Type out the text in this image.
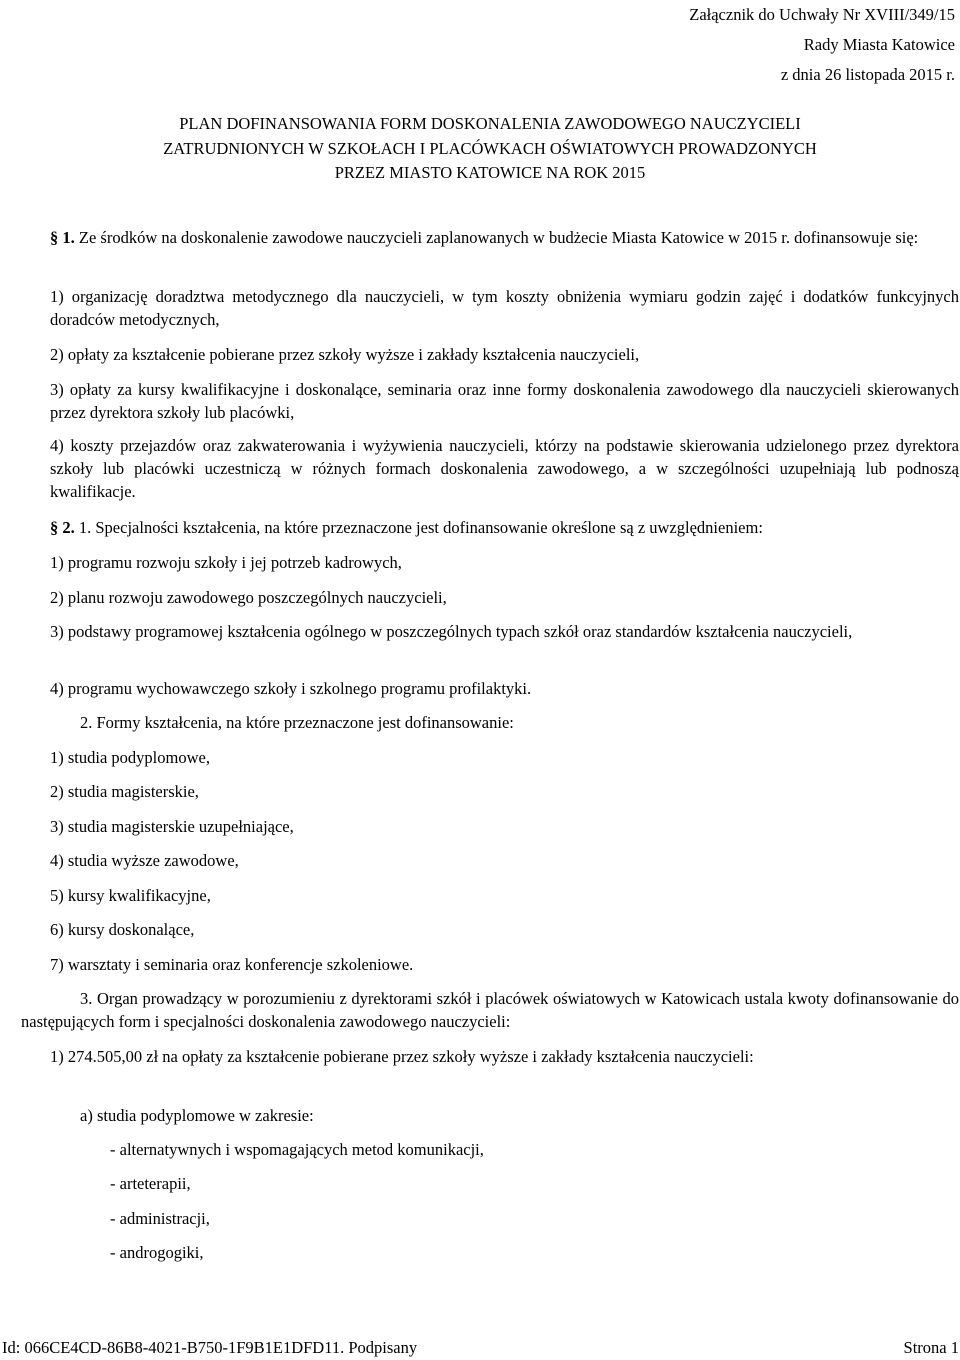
Załącznik do Uchwały Nr XVIII/349/15
Rady Miasta Katowice
z dnia 26 listopada 2015 r.
PLAN DOFINANSOWANIA FORM DOSKONALENIA ZAWODOWEGO NAUCZYCIELI
ZATRUDNIONYCH W SZKOŁACH I PLACÓWKACH OŚWIATOWYCH PROWADZONYCH
PRZEZ MIASTO KATOWICE NA ROK 2015
§ 1. Ze środków na doskonalenie zawodowe nauczycieli zaplanowanych w budżecie Miasta Katowice w 2015 r. dofinansowuje się:
1) organizację doradztwa metodycznego dla nauczycieli, w tym koszty obniżenia wymiaru godzin zajęć i dodatków funkcyjnych doradców metodycznych,
2) opłaty za kształcenie pobierane przez szkoły wyższe i zakłady kształcenia nauczycieli,
3) opłaty za kursy kwalifikacyjne i doskonalące, seminaria oraz inne formy doskonalenia zawodowego dla nauczycieli skierowanych przez dyrektora szkoły lub placówki,
4) koszty przejazdów oraz zakwaterowania i wyżywienia nauczycieli, którzy na podstawie skierowania udzielonego przez dyrektora szkoły lub placówki uczestniczą w różnych formach doskonalenia zawodowego, a w szczególności uzupełniają lub podnoszą kwalifikacje.
§ 2. 1. Specjalności kształcenia, na które przeznaczone jest dofinansowanie określone są z uwzględnieniem:
1) programu rozwoju szkoły i jej potrzeb kadrowych,
2) planu rozwoju zawodowego poszczególnych nauczycieli,
3) podstawy programowej kształcenia ogólnego w poszczególnych typach szkół oraz standardów kształcenia nauczycieli,
4) programu wychowawczego szkoły i szkolnego programu profilaktyki.
2. Formy kształcenia, na które przeznaczone jest dofinansowanie:
1) studia podyplomowe,
2) studia magisterskie,
3) studia magisterskie uzupełniające,
4) studia wyższe zawodowe,
5) kursy kwalifikacyjne,
6) kursy doskonalące,
7) warsztaty i seminaria oraz konferencje szkoleniowe.
3. Organ prowadzący w porozumieniu z dyrektorami szkół i placówek oświatowych w Katowicach ustala kwoty dofinansowanie do następujących form i specjalności doskonalenia zawodowego nauczycieli:
1) 274.505,00 zł na opłaty za kształcenie pobierane przez szkoły wyższe i zakłady kształcenia nauczycieli:
a) studia podyplomowe w zakresie:
- alternatywnych i wspomagających metod komunikacji,
- arteterapii,
- administracji,
- androgogiki,
Id: 066CE4CD-86B8-4021-B750-1F9B1E1DFD11. Podpisany	Strona 1
